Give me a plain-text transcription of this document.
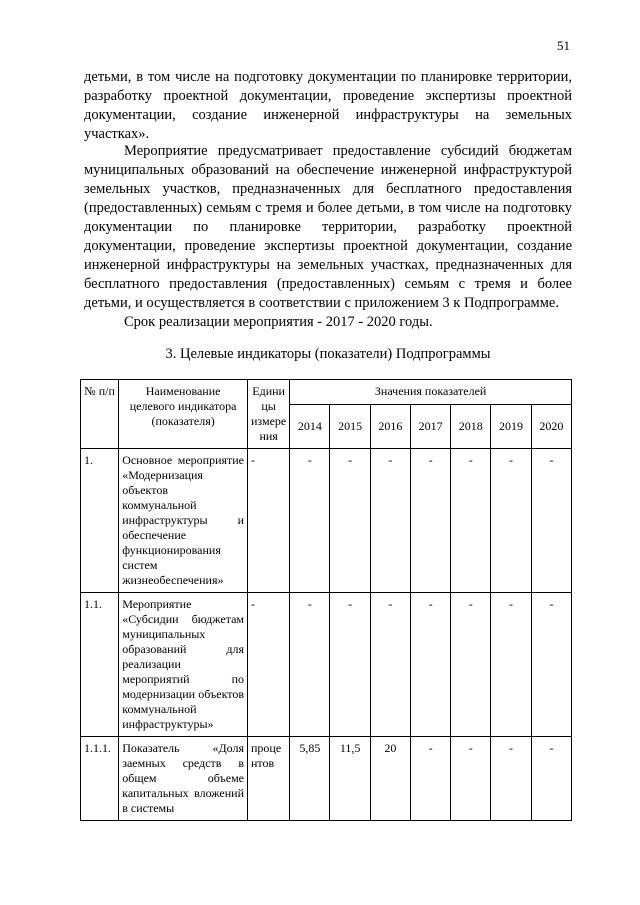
51

детьми, в том числе на подготовку документации по планировке территории, разработку проектной документации, проведение экспертизы проектной документации, создание инженерной инфраструктуры на земельных участках».

Мероприятие предусматривает предоставление субсидий бюджетам муниципальных образований на обеспечение инженерной инфраструктурой земельных участков, предназначенных для бесплатного предоставления (предоставленных) семьям с тремя и более детьми, в том числе на подготовку документации по планировке территории, разработку проектной документации, проведение экспертизы проектной документации, создание инженерной инфраструктуры на земельных участках, предназначенных для бесплатного предоставления (предоставленных) семьям с тремя и более детьми, и осуществляется в соответствии с приложением 3 к Подпрограмме.

Срок реализации мероприятия - 2017 - 2020 годы.

3. Целевые индикаторы (показатели) Подпрограммы
№ п/п	Наименование целевого индикатора (показателя)	Едини цы измере ния	Значения показателей						
			2014	2015	2016	2017	2018	2019	2020
1.	Основное мероприятие «Модернизация объектов коммунальной инфраструктуры и обеспечение функционирования систем жизнеобеспечения»	-	-	-	-	-	-	-	-
1.1.	Мероприятие «Субсидии бюджетам муниципальных образований для реализации мероприятий по модернизации объектов коммунальной инфраструктуры»	-	-	-	-	-	-	-	-
1.1.1.	Показатель «Доля заемных средств в общем объеме капитальных вложений в системы	проце нтов	5,85	11,5	20	-	-	-	-
